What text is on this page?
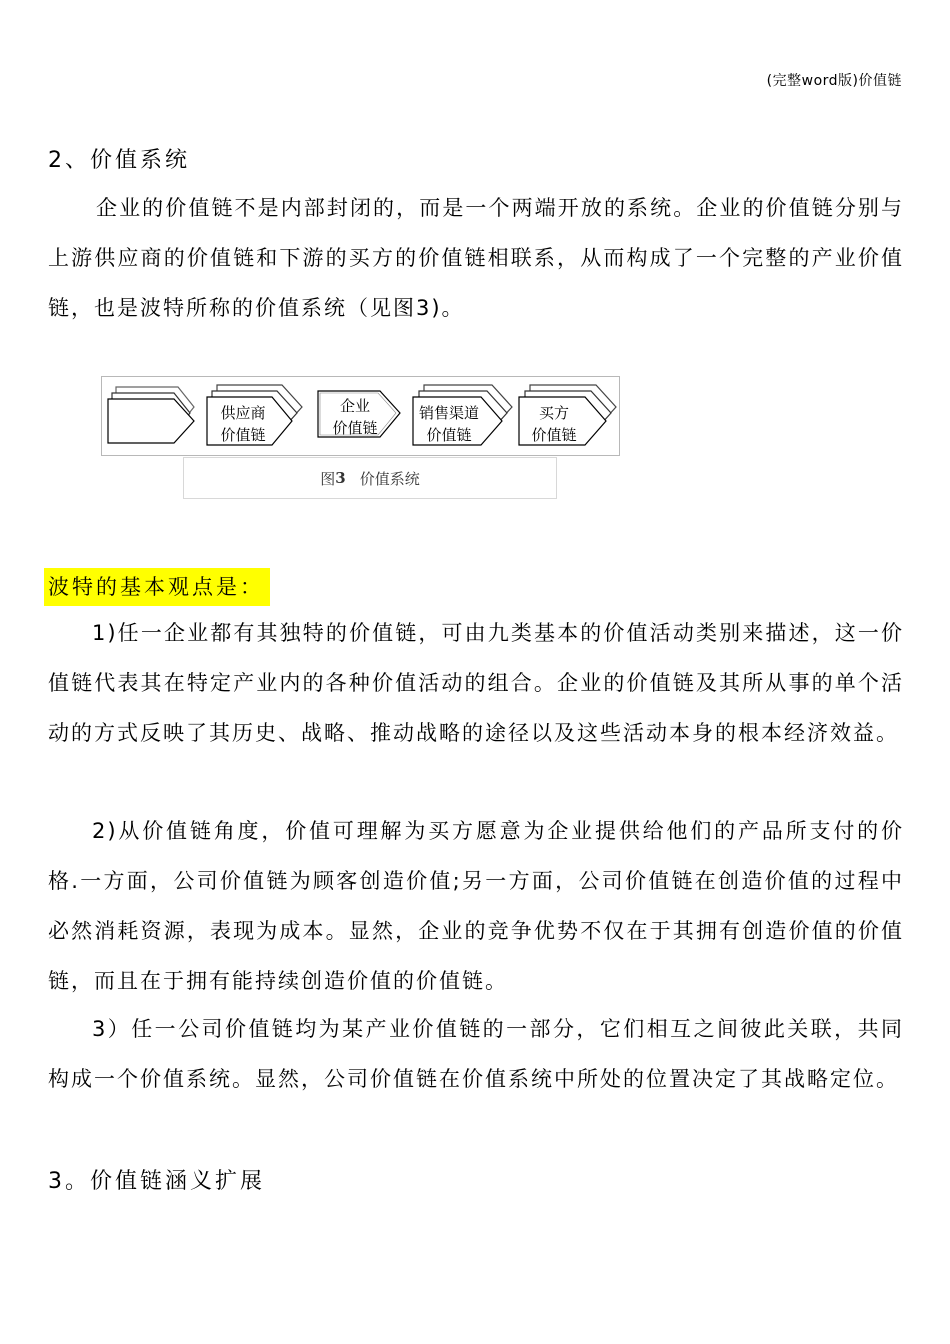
(完整word版)价值链
2、价值系统

企业的价值链不是内部封闭的，而是一个两端开放的系统。企业的价值链分别与上游供应商的价值链和下游的买方的价值链相联系，从而构成了一个完整的产业价值链，也是波特所称的价值系统（见图3)。

供应商
价值链
企业
价值链
销售渠道
价值链
买方
价值链
图 3 价值系统
波特的基本观点是：

1)任一企业都有其独特的价值链，可由九类基本的价值活动类别来描述，这一价值链代表其在特定产业内的各种价值活动的组合。企业的价值链及其所从事的单个活动的方式反映了其历史、战略、推动战略的途径以及这些活动本身的根本经济效益。

2)从价值链角度，价值可理解为买方愿意为企业提供给他们的产品所支付的价格.一方面，公司价值链为顾客创造价值;另一方面，公司价值链在创造价值的过程中必然消耗资源，表现为成本。显然，企业的竞争优势不仅在于其拥有创造价值的价值链，而且在于拥有能持续创造价值的价值链。

3）任一公司价值链均为某产业价值链的一部分，它们相互之间彼此关联，共同构成一个价值系统。显然，公司价值链在价值系统中所处的位置决定了其战略定位。

3。价值链涵义扩展
